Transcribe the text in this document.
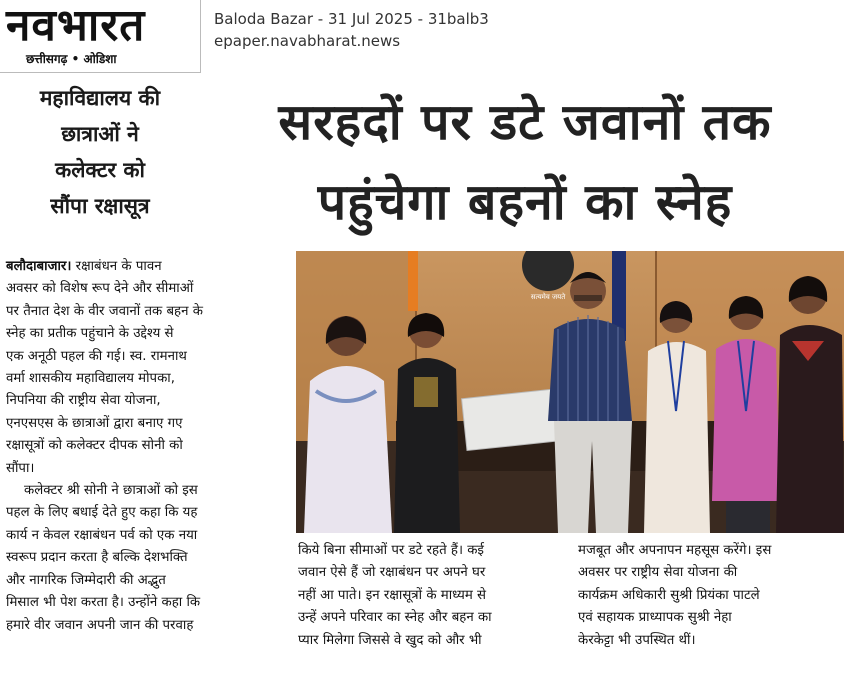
नवभारत
छत्तीसगढ़ • ओडिशा
Baloda Bazar - 31 Jul 2025 - 31balb3
epaper.navabharat.news
महाविद्यालय की
छात्राओं ने
कलेक्टर को
सौंपा रक्षासूत्र
सरहदों पर डटे जवानों तक
पहुंचेगा बहनों का स्नेह
बलौदाबाजार। रक्षाबंधन के पावन
अवसर को विशेष रूप देने और सीमाओं
पर तैनात देश के वीर जवानों तक बहन के
स्नेह का प्रतीक पहुंचाने के उद्देश्य से
एक अनूठी पहल की गई। स्व. रामनाथ
वर्मा शासकीय महाविद्यालय मोपका,
निपनिया की राष्ट्रीय सेवा योजना,
एनएसएस के छात्राओं द्वारा बनाए गए
रक्षासूत्रों को कलेक्टर दीपक सोनी को
सौंपा।
कलेक्टर श्री सोनी ने छात्राओं को इस
पहल के लिए बधाई देते हुए कहा कि यह
कार्य न केवल रक्षाबंधन पर्व को एक नया
स्वरूप प्रदान करता है बल्कि देशभक्ति
और नागरिक जिम्मेदारी की अद्भुत
मिसाल भी पेश करता है। उन्होंने कहा कि
हमारे वीर जवान अपनी जान की परवाह
सत्यमेव जयते
किये बिना सीमाओं पर डटे रहते हैं। कई
जवान ऐसे हैं जो रक्षाबंधन पर अपने घर
नहीं आ पाते। इन रक्षासूत्रों के माध्यम से
उन्हें अपने परिवार का स्नेह और बहन का
प्यार मिलेगा जिससे वे खुद को और भी
मजबूत और अपनापन महसूस करेंगे। इस
अवसर पर राष्ट्रीय सेवा योजना की
कार्यक्रम अधिकारी सुश्री प्रियंका पाटले
एवं सहायक प्राध्यापक सुश्री नेहा
केरकेट्टा भी उपस्थित थीं।
